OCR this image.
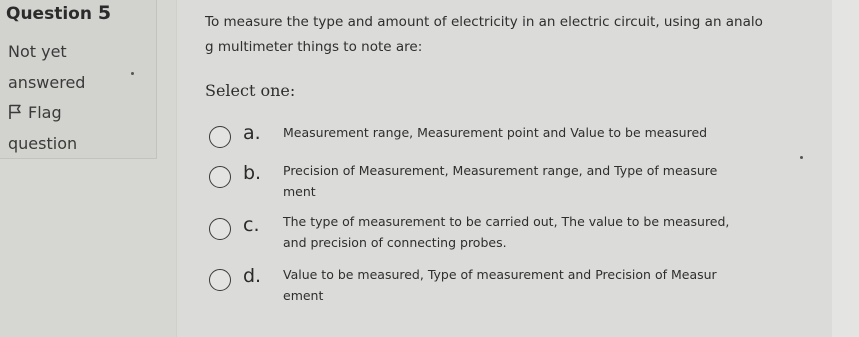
Question 5
Not yet
answered
Flag
question
To measure the type and amount of electricity in an electric circuit, using an analo
g multimeter things to note are:

Select one:

a. Measurement range, Measurement point and Value to be measured
b. Precision of Measurement, Measurement range, and Type of measure
ment
c. The type of measurement to be carried out, The value to be measured,
and precision of connecting probes.
d. Value to be measured, Type of measurement and Precision of Measur
ement
